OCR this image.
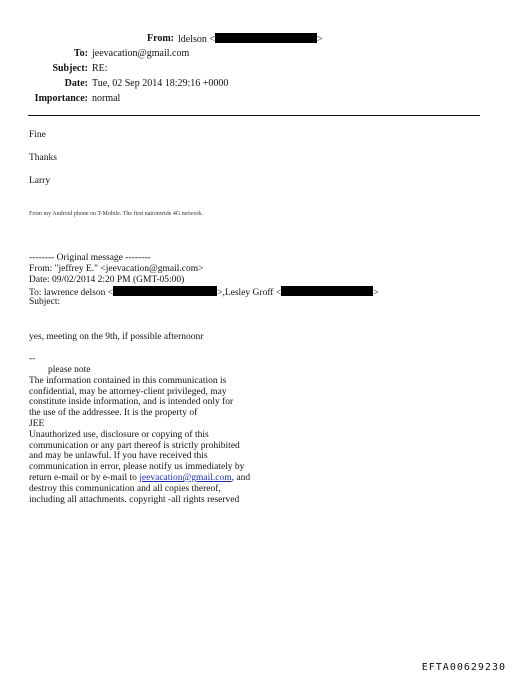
From: ldelson <	>
To: jeevacation@gmail.com
Subject: RE:
Date: Tue, 02 Sep 2014 18:29:16 +0000
Importance: normal
Fine
Thanks
Larry
From my Android phone on T-Mobile. The first nationwide 4G network.
-------- Original message --------
From: "jeffrey E." <jeevacation@gmail.com>
Date: 09/02/2014 2:20 PM (GMT-05:00)
To: lawrence delson <	>,Lesley Groff <	>
Subject:
yes, meeting on the 9th, if possible afternoonr
--
please note
The information contained in this communication is
confidential, may be attorney-client privileged, may
constitute inside information, and is intended only for
the use of the addressee. It is the property of
JEE
Unauthorized use, disclosure or copying of this
communication or any part thereof is strictly prohibited
and may be unlawful. If you have received this
communication in error, please notify us immediately by
return e-mail or by e-mail to jeevacation@gmail.com, and
destroy this communication and all copies thereof,
including all attachments. copyright -all rights reserved
EFTA00629230
